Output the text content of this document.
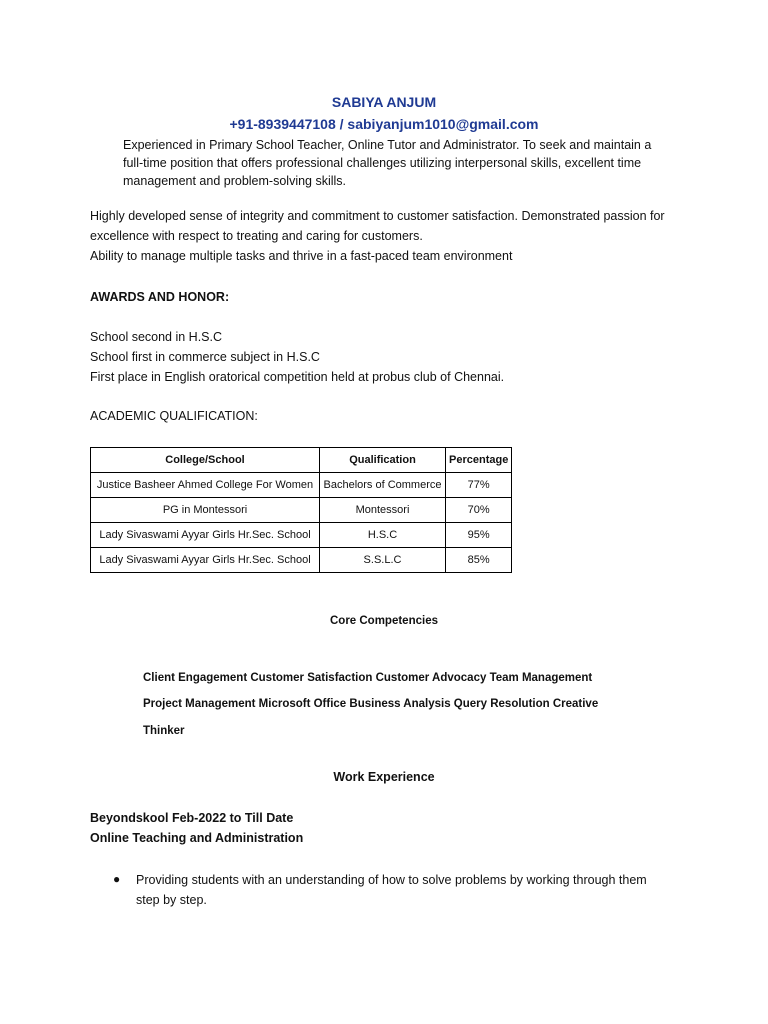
SABIYA ANJUM
+91-8939447108 / sabiyanjum1010@gmail.com
Experienced in Primary School Teacher, Online Tutor and Administrator. To seek and maintain a
full-time position that offers professional challenges utilizing interpersonal skills, excellent time
management and problem-solving skills.
Highly developed sense of integrity and commitment to customer satisfaction. Demonstrated passion for
excellence with respect to treating and caring for customers.
Ability to manage multiple tasks and thrive in a fast-paced team environment
AWARDS AND HONOR:
School second in H.S.C
School first in commerce subject in H.S.C
First place in English oratorical competition held at probus club of Chennai.
ACADEMIC QUALIFICATION:
College/School	Qualification	Percentage
Justice Basheer Ahmed College For Women	Bachelors of Commerce	77%
PG in Montessori	Montessori	70%
Lady Sivaswami Ayyar Girls Hr.Sec. School	H.S.C	95%
Lady Sivaswami Ayyar Girls Hr.Sec. School	S.S.L.C	85%
Core Competencies
Client Engagement Customer Satisfaction Customer Advocacy Team Management
Project Management Microsoft Office Business Analysis Query Resolution Creative
Thinker
Work Experience
Beyondskool Feb-2022 to Till Date
Online Teaching and Administration
● Providing students with an understanding of how to solve problems by working through them
step by step.
